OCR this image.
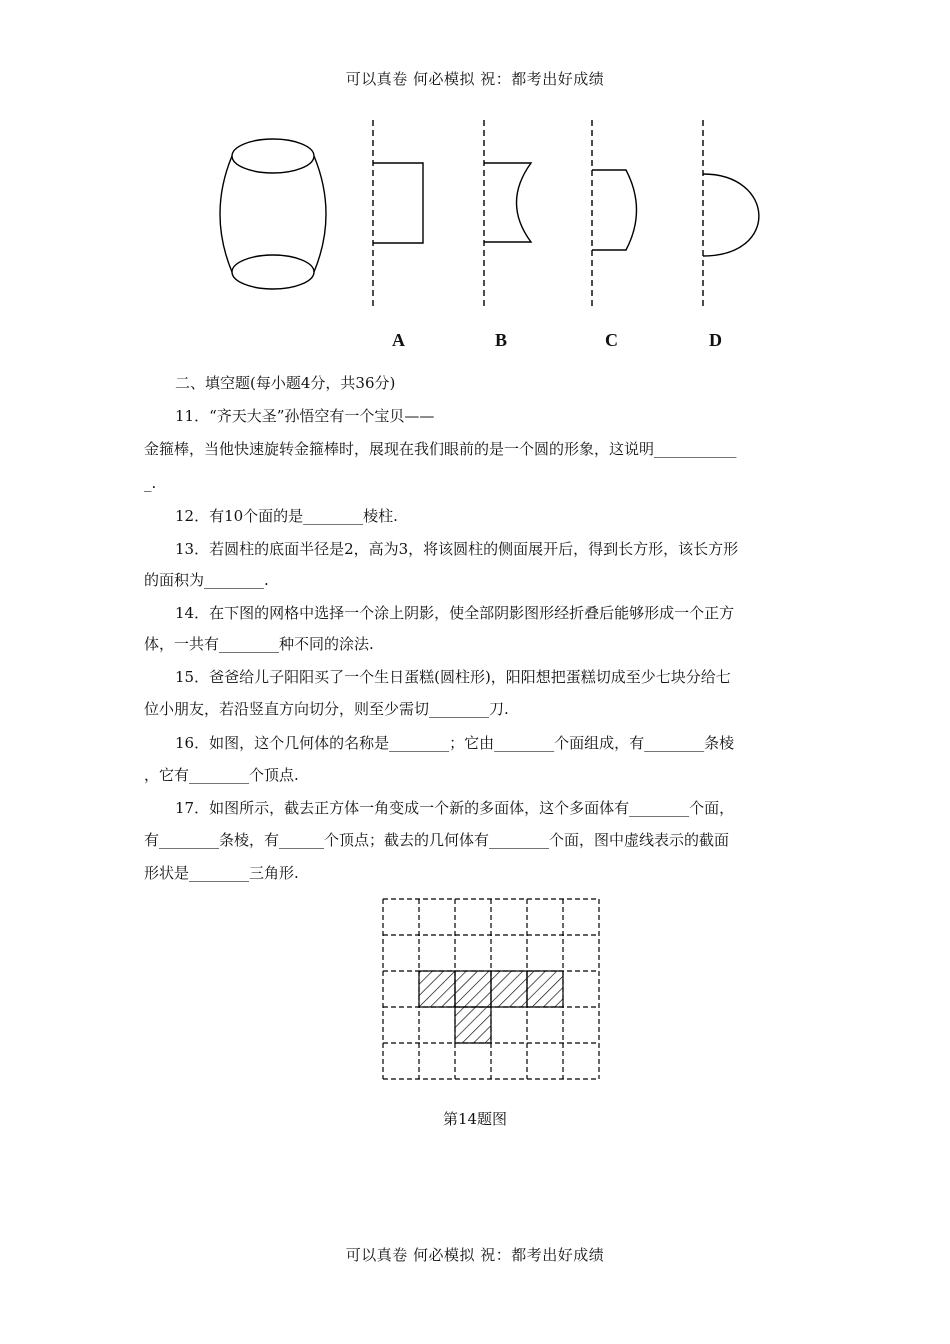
可以真卷 何必模拟 祝：都考出好成绩
A	B	C	D
二、填空题(每小题4分，共36分)
11．“齐天大圣”孙悟空有一个宝贝——
金箍棒，当他快速旋转金箍棒时，展现在我们眼前的是一个圆的形象，这说明___________
_.
12．有10个面的是________棱柱.
13．若圆柱的底面半径是2，高为3，将该圆柱的侧面展开后，得到长方形，该长方形
的面积为________.
14．在下图的网格中选择一个涂上阴影，使全部阴影图形经折叠后能够形成一个正方
体，一共有________种不同的涂法.
15．爸爸给儿子阳阳买了一个生日蛋糕(圆柱形)，阳阳想把蛋糕切成至少七块分给七
位小朋友，若沿竖直方向切分，则至少需切________刀.
16．如图，这个几何体的名称是________；它由________个面组成，有________条棱
，它有________个顶点.
17．如图所示，截去正方体一角变成一个新的多面体，这个多面体有________个面，
有________条棱，有______个顶点；截去的几何体有________个面，图中虚线表示的截面
形状是________三角形.
第14题图
可以真卷 何必模拟 祝：都考出好成绩
